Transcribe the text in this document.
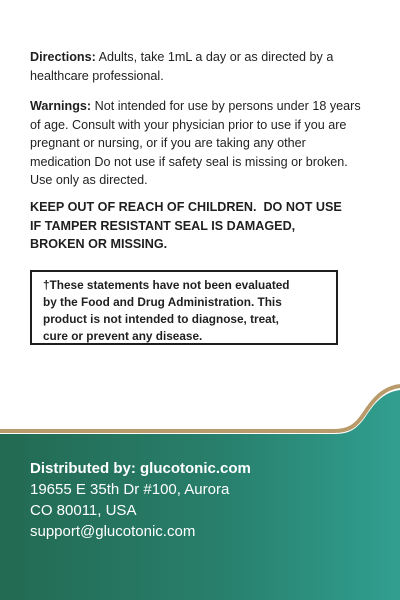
Directions: Adults, take 1mL a day or as directed by a healthcare professional.

Warnings: Not intended for use by persons under 18 years of age. Consult with your physician prior to use if you are pregnant or nursing, or if you are taking any other medication Do not use if safety seal is missing or broken. Use only as directed.

KEEP OUT OF REACH OF CHILDREN.  DO NOT USE
IF TAMPER RESISTANT SEAL IS DAMAGED,
BROKEN OR MISSING.
†These statements have not been evaluated
by the Food and Drug Administration. This
product is not intended to diagnose, treat,
cure or prevent any disease.
Distributed by: glucotonic.com
19655 E 35th Dr #100, Aurora
CO 80011, USA
support@glucotonic.com
